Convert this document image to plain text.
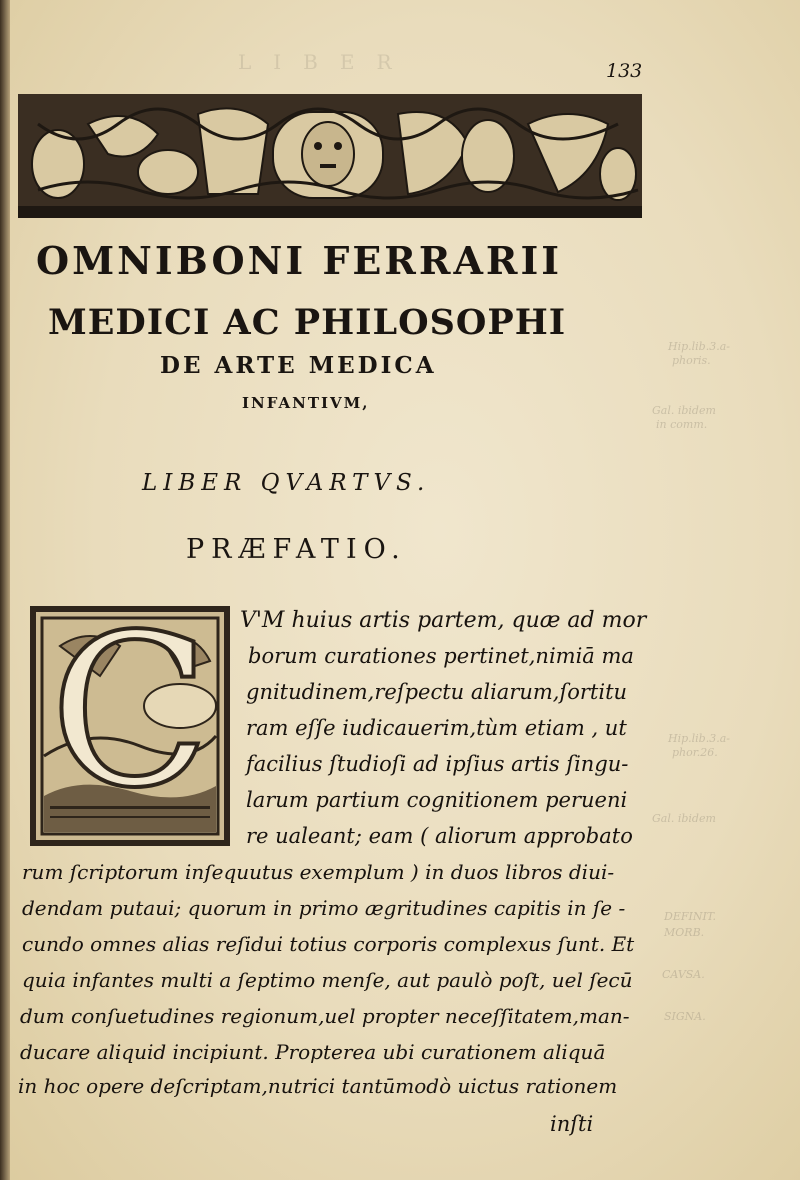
LIBER
Hip.lib.3.a-
phoris.
Gal. ibidem
in comm.
Hip.lib.3.a-
phor.26.
Gal. ibidem
DEFINIT.
MORB.
CAVSA.
SIGNA.
133
OMNIBONI FERRARII
MEDICI AC PHILOSOPHI
DE ARTE MEDICA
INFANTIVM,
LIBER QVARTVS.
PRÆFATIO.
C V'M huius artis partem, quæ ad mor
borum curationes pertinet,nimiā ma
gnitudinem,reſpectu aliarum,ſortitu
ram eſſe iudicauerim,tùm etiam , ut
facilius ſtudioſi ad ipſius artis ſingu-
larum partium cognitionem perueni
re ualeant; eam ( aliorum approbato
rum ſcriptorum inſequutus exemplum ) in duos libros diui-
dendam putaui; quorum in primo ægritudines capitis in ſe -
cundo omnes alias reſidui totius corporis complexus ſunt. Et
quia infantes multi a ſeptimo menſe, aut paulò poſt, uel ſecū
dum conſuetudines regionum,uel propter neceſſitatem,man-
ducare aliquid incipiunt. Propterea ubi curationem aliquā
in hoc opere deſcriptam,nutrici tantūmodò uictus rationem
inſti
